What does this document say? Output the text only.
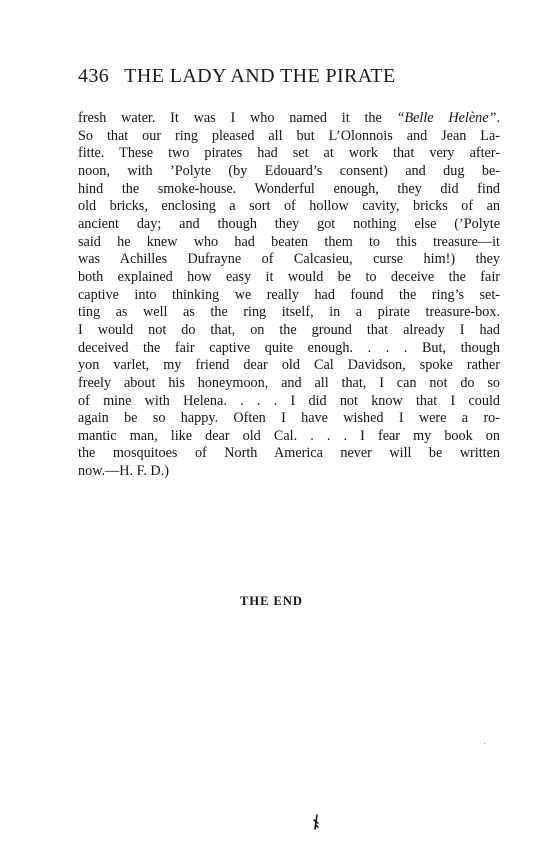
436 THE LADY AND THE PIRATE
fresh water. It was I who named it the “Belle Helène”.
So that our ring pleased all but L’Olonnois and Jean La-
fitte. These two pirates had set at work that very after-
noon, with ’Polyte (by Edouard’s consent) and dug be-
hind the smoke-house. Wonderful enough, they did find
old bricks, enclosing a sort of hollow cavity, bricks of an
ancient day; and though they got nothing else (’Polyte
said he knew who had beaten them to this treasure—it
was Achilles Dufrayne of Calcasieu, curse him!) they
both explained how easy it would be to deceive the fair
captive into thinking we really had found the ring’s set-
ting as well as the ring itself, in a pirate treasure-box.
I would not do that, on the ground that already I had
deceived the fair captive quite enough. . . . But, though
yon varlet, my friend dear old Cal Davidson, spoke rather
freely about his honeymoon, and all that, I can not do so
of mine with Helena. . . . I did not know that I could
again be so happy. Often I have wished I were a ro-
mantic man, like dear old Cal. . . . I fear my book on
the mosquitoes of North America never will be written
now.—H. F. D.)
THE END
